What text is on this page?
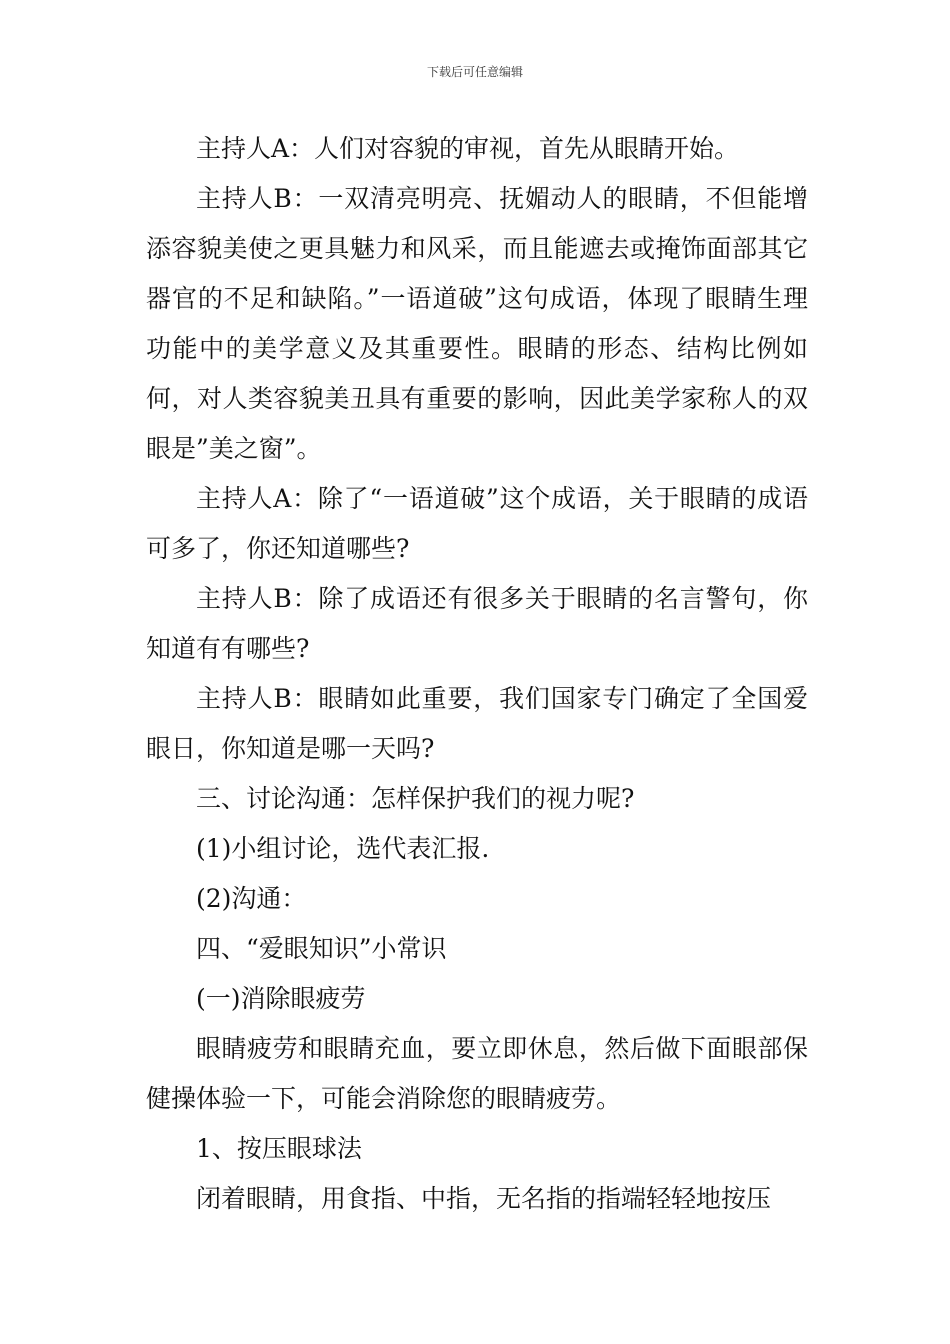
下载后可任意编辑

主持人A：人们对容貌的审视，首先从眼睛开始。

主持人B：一双清亮明亮、抚媚动人的眼睛，不但能增添容貌美使之更具魅力和风采，而且能遮去或掩饰面部其它器官的不足和缺陷。”一语道破”这句成语，体现了眼睛生理功能中的美学意义及其重要性。眼睛的形态、结构比例如何，对人类容貌美丑具有重要的影响，因此美学家称人的双眼是”美之窗”。

主持人A：除了“一语道破”这个成语，关于眼睛的成语可多了，你还知道哪些?

主持人B：除了成语还有很多关于眼睛的名言警句，你知道有有哪些?

主持人B：眼睛如此重要，我们国家专门确定了全国爱眼日，你知道是哪一天吗?

三、讨论沟通：怎样保护我们的视力呢?

(1)小组讨论，选代表汇报.

(2)沟通：

四、“爱眼知识”小常识

(一)消除眼疲劳

眼睛疲劳和眼睛充血，要立即休息，然后做下面眼部保健操体验一下，可能会消除您的眼睛疲劳。

1、按压眼球法

闭着眼睛，用食指、中指，无名指的指端轻轻地按压
